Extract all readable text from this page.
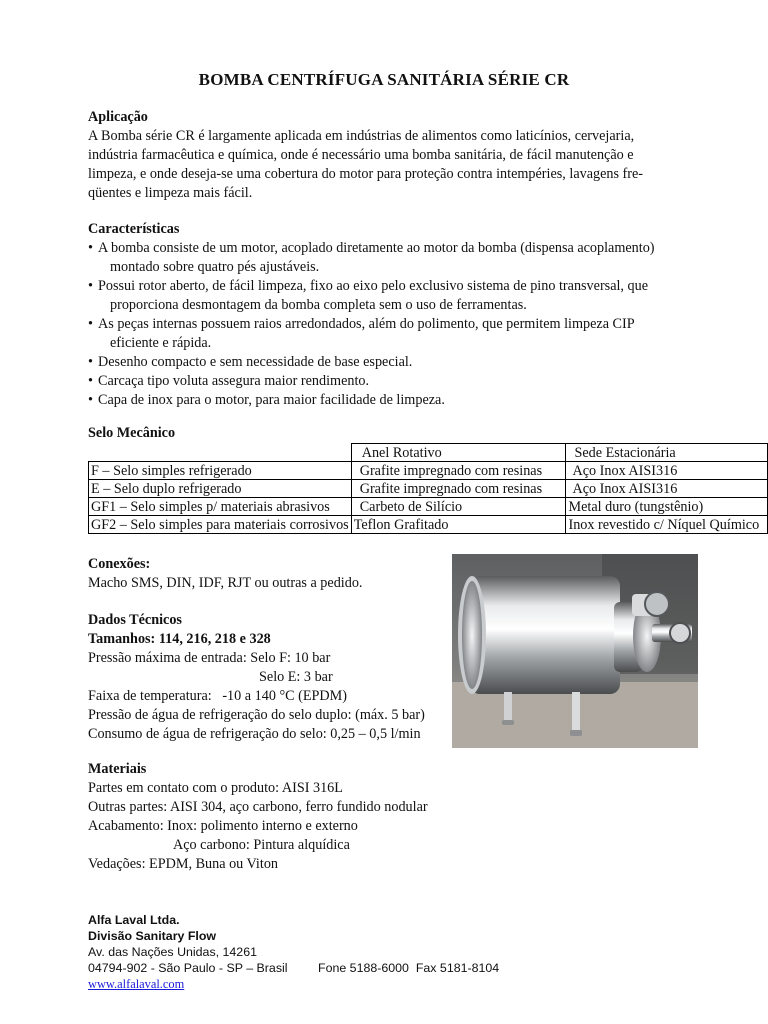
BOMBA CENTRÍFUGA SANITÁRIA SÉRIE CR
Aplicação
A Bomba série CR é largamente aplicada em indústrias de alimentos como laticínios, cervejaria,
indústria farmacêutica e química, onde é necessário uma bomba sanitária, de fácil manutenção e
limpeza, e onde deseja-se uma cobertura do motor para proteção contra intempéries, lavagens fre-
qüentes e limpeza mais fácil.
Características
• A bomba consiste de um motor, acoplado diretamente ao motor da bomba (dispensa acoplamento)
montado sobre quatro pés ajustáveis.
• Possui rotor aberto, de fácil limpeza, fixo ao eixo pelo exclusivo sistema de pino transversal, que
proporciona desmontagem da bomba completa sem o uso de ferramentas.
• As peças internas possuem raios arredondados, além do polimento, que permitem limpeza CIP
eficiente e rápida.
• Desenho compacto e sem necessidade de base especial.
• Carcaça tipo voluta assegura maior rendimento.
• Capa de inox para o motor, para maior facilidade de limpeza.
Selo Mecânico
	Anel Rotativo	Sede Estacionária
F – Selo simples refrigerado	Grafite impregnado com resinas	Aço Inox AISI316
E – Selo duplo refrigerado	Grafite impregnado com resinas	Aço Inox AISI316
GF1 – Selo simples p/ materiais abrasivos	Carbeto de Silício	Metal duro (tungstênio)
GF2 – Selo simples para materiais corrosivos	Teflon Grafitado	Inox revestido c/ Níquel Químico
Conexões:
Macho SMS, DIN, IDF, RJT ou outras a pedido.
Dados Técnicos
Tamanhos: 114, 216, 218 e 328
Pressão máxima de entrada: Selo F: 10 bar
Selo E: 3 bar
Faixa de temperatura:   -10 a 140 °C (EPDM)
Pressão de água de refrigeração do selo duplo: (máx. 5 bar)
Consumo de água de refrigeração do selo: 0,25 – 0,5 l/min
Materiais
Partes em contato com o produto: AISI 316L
Outras partes: AISI 304, aço carbono, ferro fundido nodular
Acabamento: Inox: polimento interno e externo
Aço carbono: Pintura alquídica
Vedações: EPDM, Buna ou Viton
Alfa Laval Ltda.
Divisão Sanitary Flow
Av. das Nações Unidas, 14261
04794-902 - São Paulo - SP – Brasil Fone 5188-6000  Fax 5181-8104
www.alfalaval.com
